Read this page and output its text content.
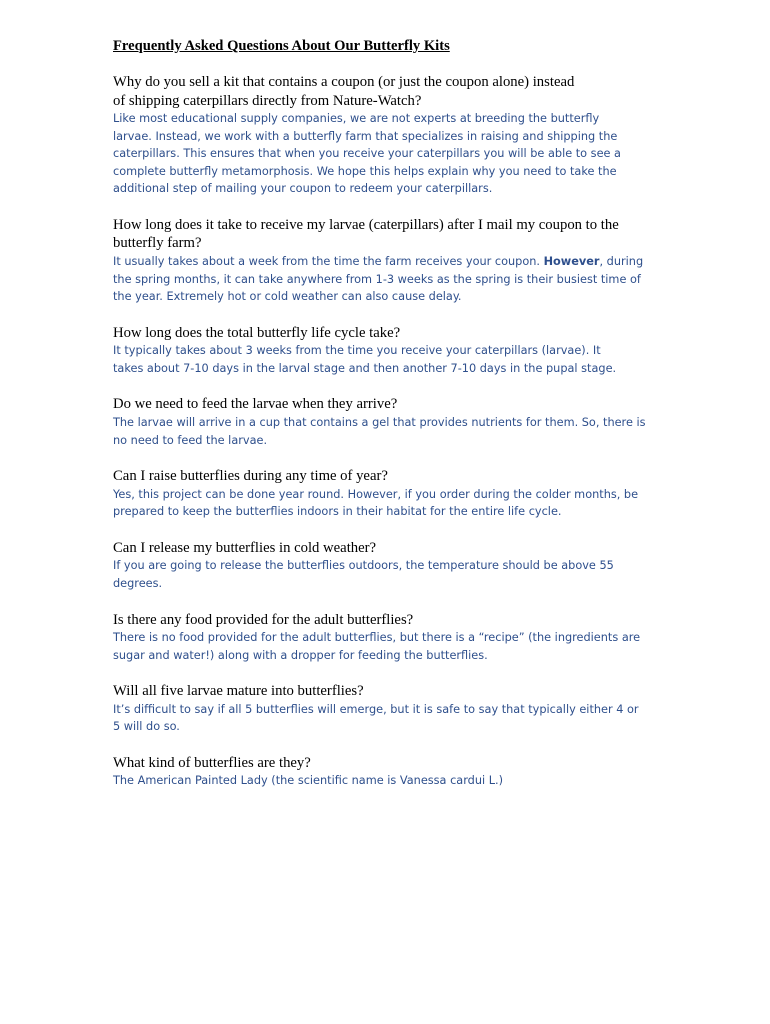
Frequently Asked Questions About Our Butterfly Kits

Why do you sell a kit that contains a coupon (or just the coupon alone) instead of shipping caterpillars directly from Nature-Watch?

Like most educational supply companies, we are not experts at breeding the butterfly larvae. Instead, we work with a butterfly farm that specializes in raising and shipping the caterpillars. This ensures that when you receive your caterpillars you will be able to see a complete butterfly metamorphosis. We hope this helps explain why you need to take the additional step of mailing your coupon to redeem your caterpillars.

How long does it take to receive my larvae (caterpillars) after I mail my coupon to the butterfly farm?

It usually takes about a week from the time the farm receives your coupon. However, during the spring months, it can take anywhere from 1-3 weeks as the spring is their busiest time of the year. Extremely hot or cold weather can also cause delay.

How long does the total butterfly life cycle take?

It typically takes about 3 weeks from the time you receive your caterpillars (larvae). It takes about 7-10 days in the larval stage and then another 7-10 days in the pupal stage.

Do we need to feed the larvae when they arrive?

The larvae will arrive in a cup that contains a gel that provides nutrients for them. So, there is no need to feed the larvae.

Can I raise butterflies during any time of year?

Yes, this project can be done year round. However, if you order during the colder months, be prepared to keep the butterflies indoors in their habitat for the entire life cycle.

Can I release my butterflies in cold weather?

If you are going to release the butterflies outdoors, the temperature should be above 55 degrees.

Is there any food provided for the adult butterflies?

There is no food provided for the adult butterflies, but there is a “recipe” (the ingredients are sugar and water!) along with a dropper for feeding the butterflies.

Will all five larvae mature into butterflies?

It’s difficult to say if all 5 butterflies will emerge, but it is safe to say that typically either 4 or 5 will do so.

What kind of butterflies are they?

The American Painted Lady (the scientific name is Vanessa cardui L.)
